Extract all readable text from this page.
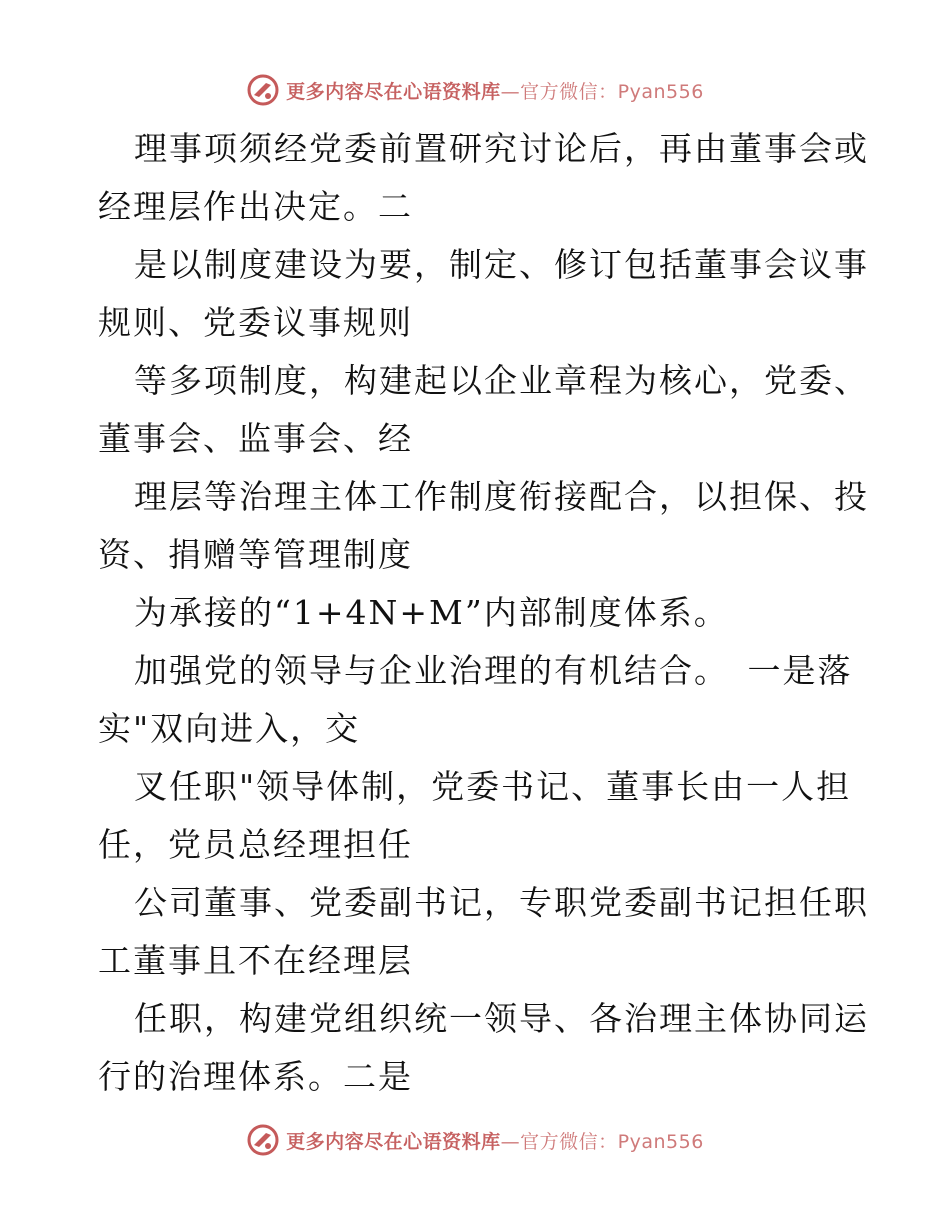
更多内容尽在心语资料库—官方微信：Pyan556
理事项须经党委前置研究讨论后，再由董事会或
经理层作出决定。二
是以制度建设为要，制定、修订包括董事会议事
规则、党委议事规则
等多项制度，构建起以企业章程为核心，党委、
董事会、监事会、经
理层等治理主体工作制度衔接配合，以担保、投
资、捐赠等管理制度
为承接的“1+4N+M”内部制度体系。
加强党的领导与企业治理的有机结合。　一是落
实"双向进入，交
叉任职"领导体制，党委书记、董事长由一人担
任，党员总经理担任
公司董事、党委副书记，专职党委副书记担任职
工董事且不在经理层
任职，构建党组织统一领导、各治理主体协同运
行的治理体系。二是
更多内容尽在心语资料库—官方微信：Pyan556
